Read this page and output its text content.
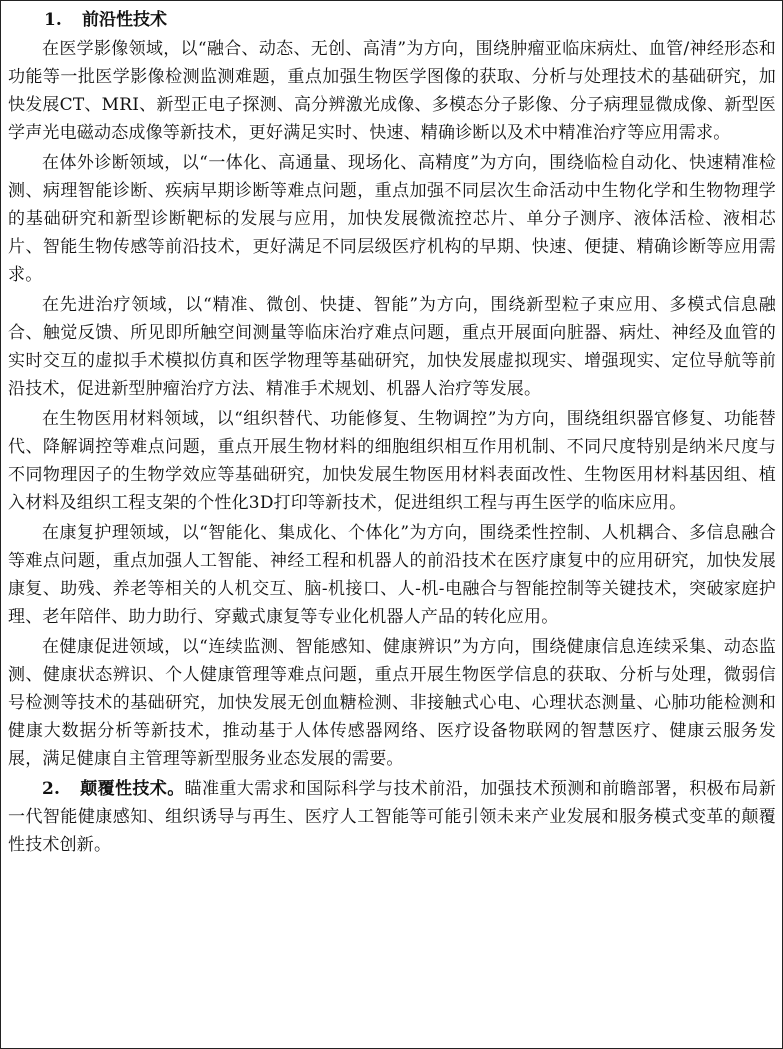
1. 前沿性技术

在医学影像领域，以“融合、动态、无创、高清”为方向，围绕肿瘤亚临床病灶、血管/神经形态和功能等一批医学影像检测监测难题，重点加强生物医学图像的获取、分析与处理技术的基础研究，加快发展CT、MRI、新型正电子探测、高分辨激光成像、多模态分子影像、分子病理显微成像、新型医学声光电磁动态成像等新技术，更好满足实时、快速、精确诊断以及术中精准治疗等应用需求。

在体外诊断领域，以“一体化、高通量、现场化、高精度”为方向，围绕临检自动化、快速精准检测、病理智能诊断、疾病早期诊断等难点问题，重点加强不同层次生命活动中生物化学和生物物理学的基础研究和新型诊断靶标的发展与应用，加快发展微流控芯片、单分子测序、液体活检、液相芯片、智能生物传感等前沿技术，更好满足不同层级医疗机构的早期、快速、便捷、精确诊断等应用需求。

在先进治疗领域，以“精准、微创、快捷、智能”为方向，围绕新型粒子束应用、多模式信息融合、触觉反馈、所见即所触空间测量等临床治疗难点问题，重点开展面向脏器、病灶、神经及血管的实时交互的虚拟手术模拟仿真和医学物理等基础研究，加快发展虚拟现实、增强现实、定位导航等前沿技术，促进新型肿瘤治疗方法、精准手术规划、机器人治疗等发展。

在生物医用材料领域，以“组织替代、功能修复、生物调控”为方向，围绕组织器官修复、功能替代、降解调控等难点问题，重点开展生物材料的细胞组织相互作用机制、不同尺度特别是纳米尺度与不同物理因子的生物学效应等基础研究，加快发展生物医用材料表面改性、生物医用材料基因组、植入材料及组织工程支架的个性化3D打印等新技术，促进组织工程与再生医学的临床应用。

在康复护理领域，以“智能化、集成化、个体化”为方向，围绕柔性控制、人机耦合、多信息融合等难点问题，重点加强人工智能、神经工程和机器人的前沿技术在医疗康复中的应用研究，加快发展康复、助残、养老等相关的人机交互、脑-机接口、人-机-电融合与智能控制等关键技术，突破家庭护理、老年陪伴、助力助行、穿戴式康复等专业化机器人产品的转化应用。

在健康促进领域，以“连续监测、智能感知、健康辨识”为方向，围绕健康信息连续采集、动态监测、健康状态辨识、个人健康管理等难点问题，重点开展生物医学信息的获取、分析与处理，微弱信号检测等技术的基础研究，加快发展无创血糖检测、非接触式心电、心理状态测量、心肺功能检测和健康大数据分析等新技术，推动基于人体传感器网络、医疗设备物联网的智慧医疗、健康云服务发展，满足健康自主管理等新型服务业态发展的需要。

2. 颠覆性技术。瞄准重大需求和国际科学与技术前沿，加强技术预测和前瞻部署，积极布局新一代智能健康感知、组织诱导与再生、医疗人工智能等可能引领未来产业发展和服务模式变革的颠覆性技术创新。
